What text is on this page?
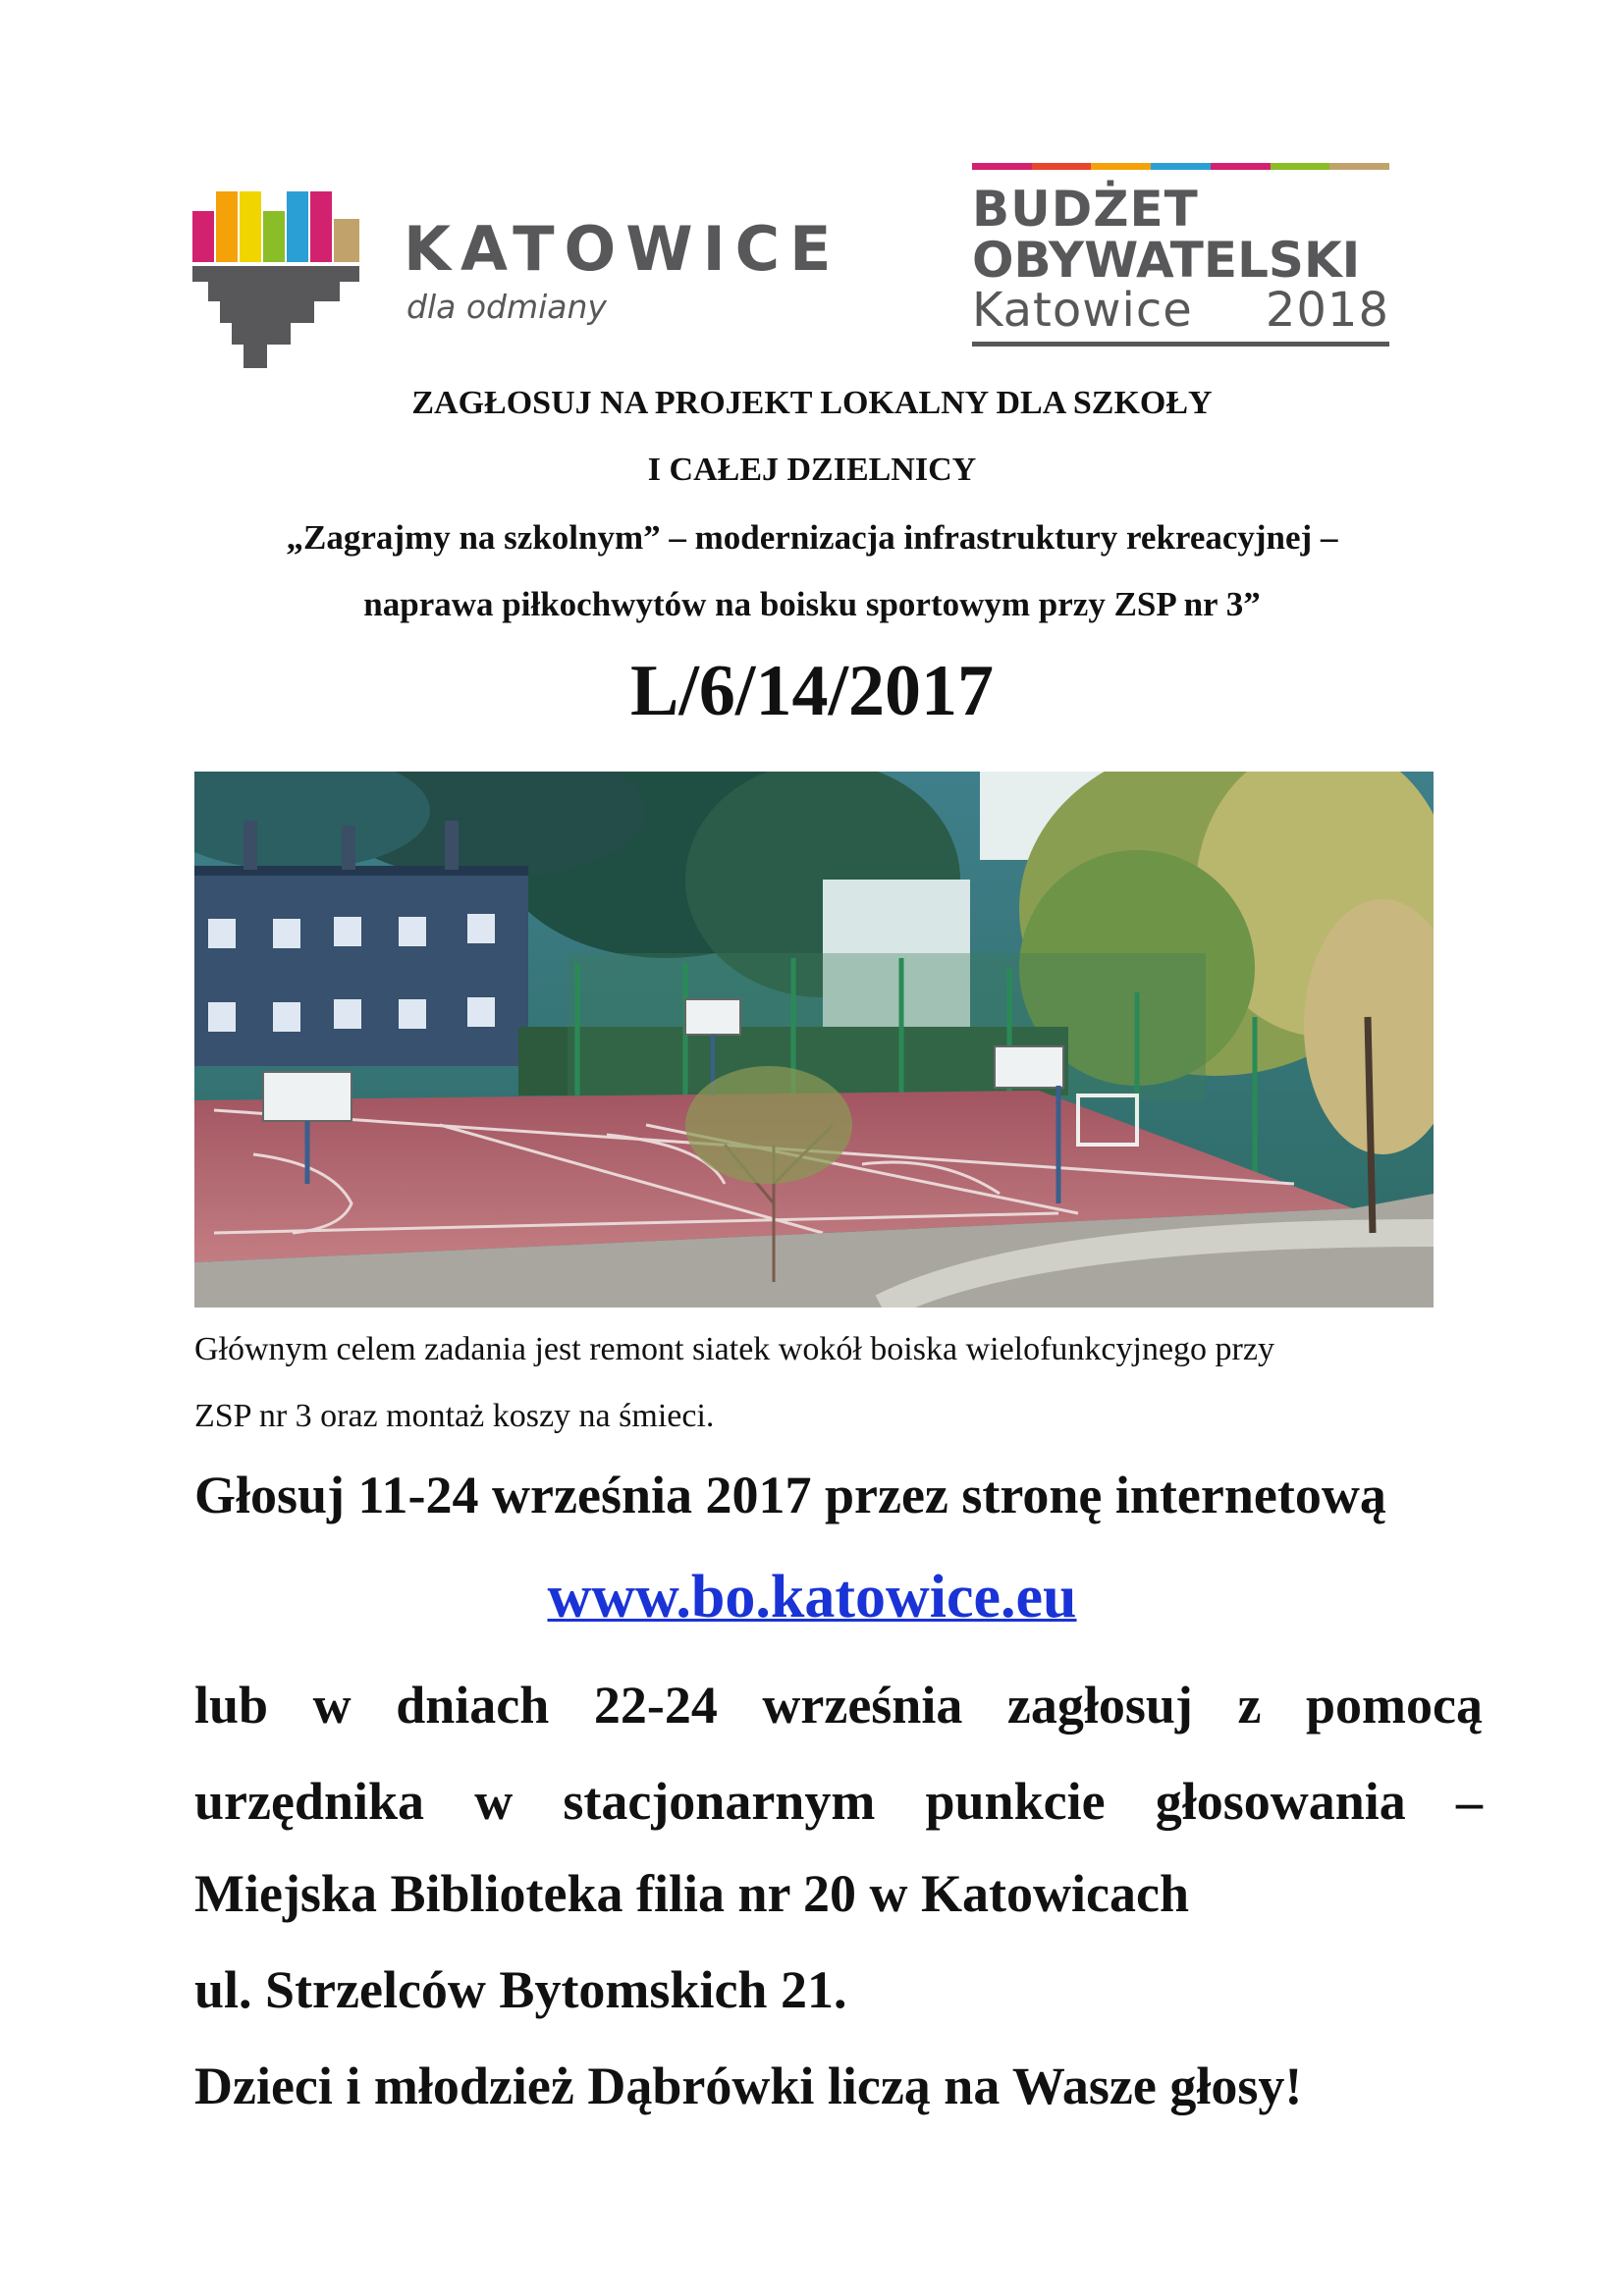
KATOWICE
dla odmiany
BUDŻET
OBYWATELSKI
Katowice 2018
ZAGŁOSUJ NA PROJEKT LOKALNY DLA SZKOŁY
I CAŁEJ DZIELNICY
„Zagrajmy na szkolnym” – modernizacja infrastruktury rekreacyjnej –
naprawa piłkochwytów na boisku sportowym przy ZSP nr 3”
L/6/14/2017
Głównym celem zadania jest remont siatek wokół boiska wielofunkcyjnego przy
ZSP nr 3 oraz montaż koszy na śmieci.
Głosuj 11-24 września 2017 przez stronę internetową
www.bo.katowice.eu
lub w dniach 22-24 września zagłosuj z pomocą
urzędnika w stacjonarnym punkcie głosowania –
Miejska Biblioteka filia nr 20 w Katowicach
ul. Strzelców Bytomskich 21.
Dzieci i młodzież Dąbrówki liczą na Wasze głosy!
